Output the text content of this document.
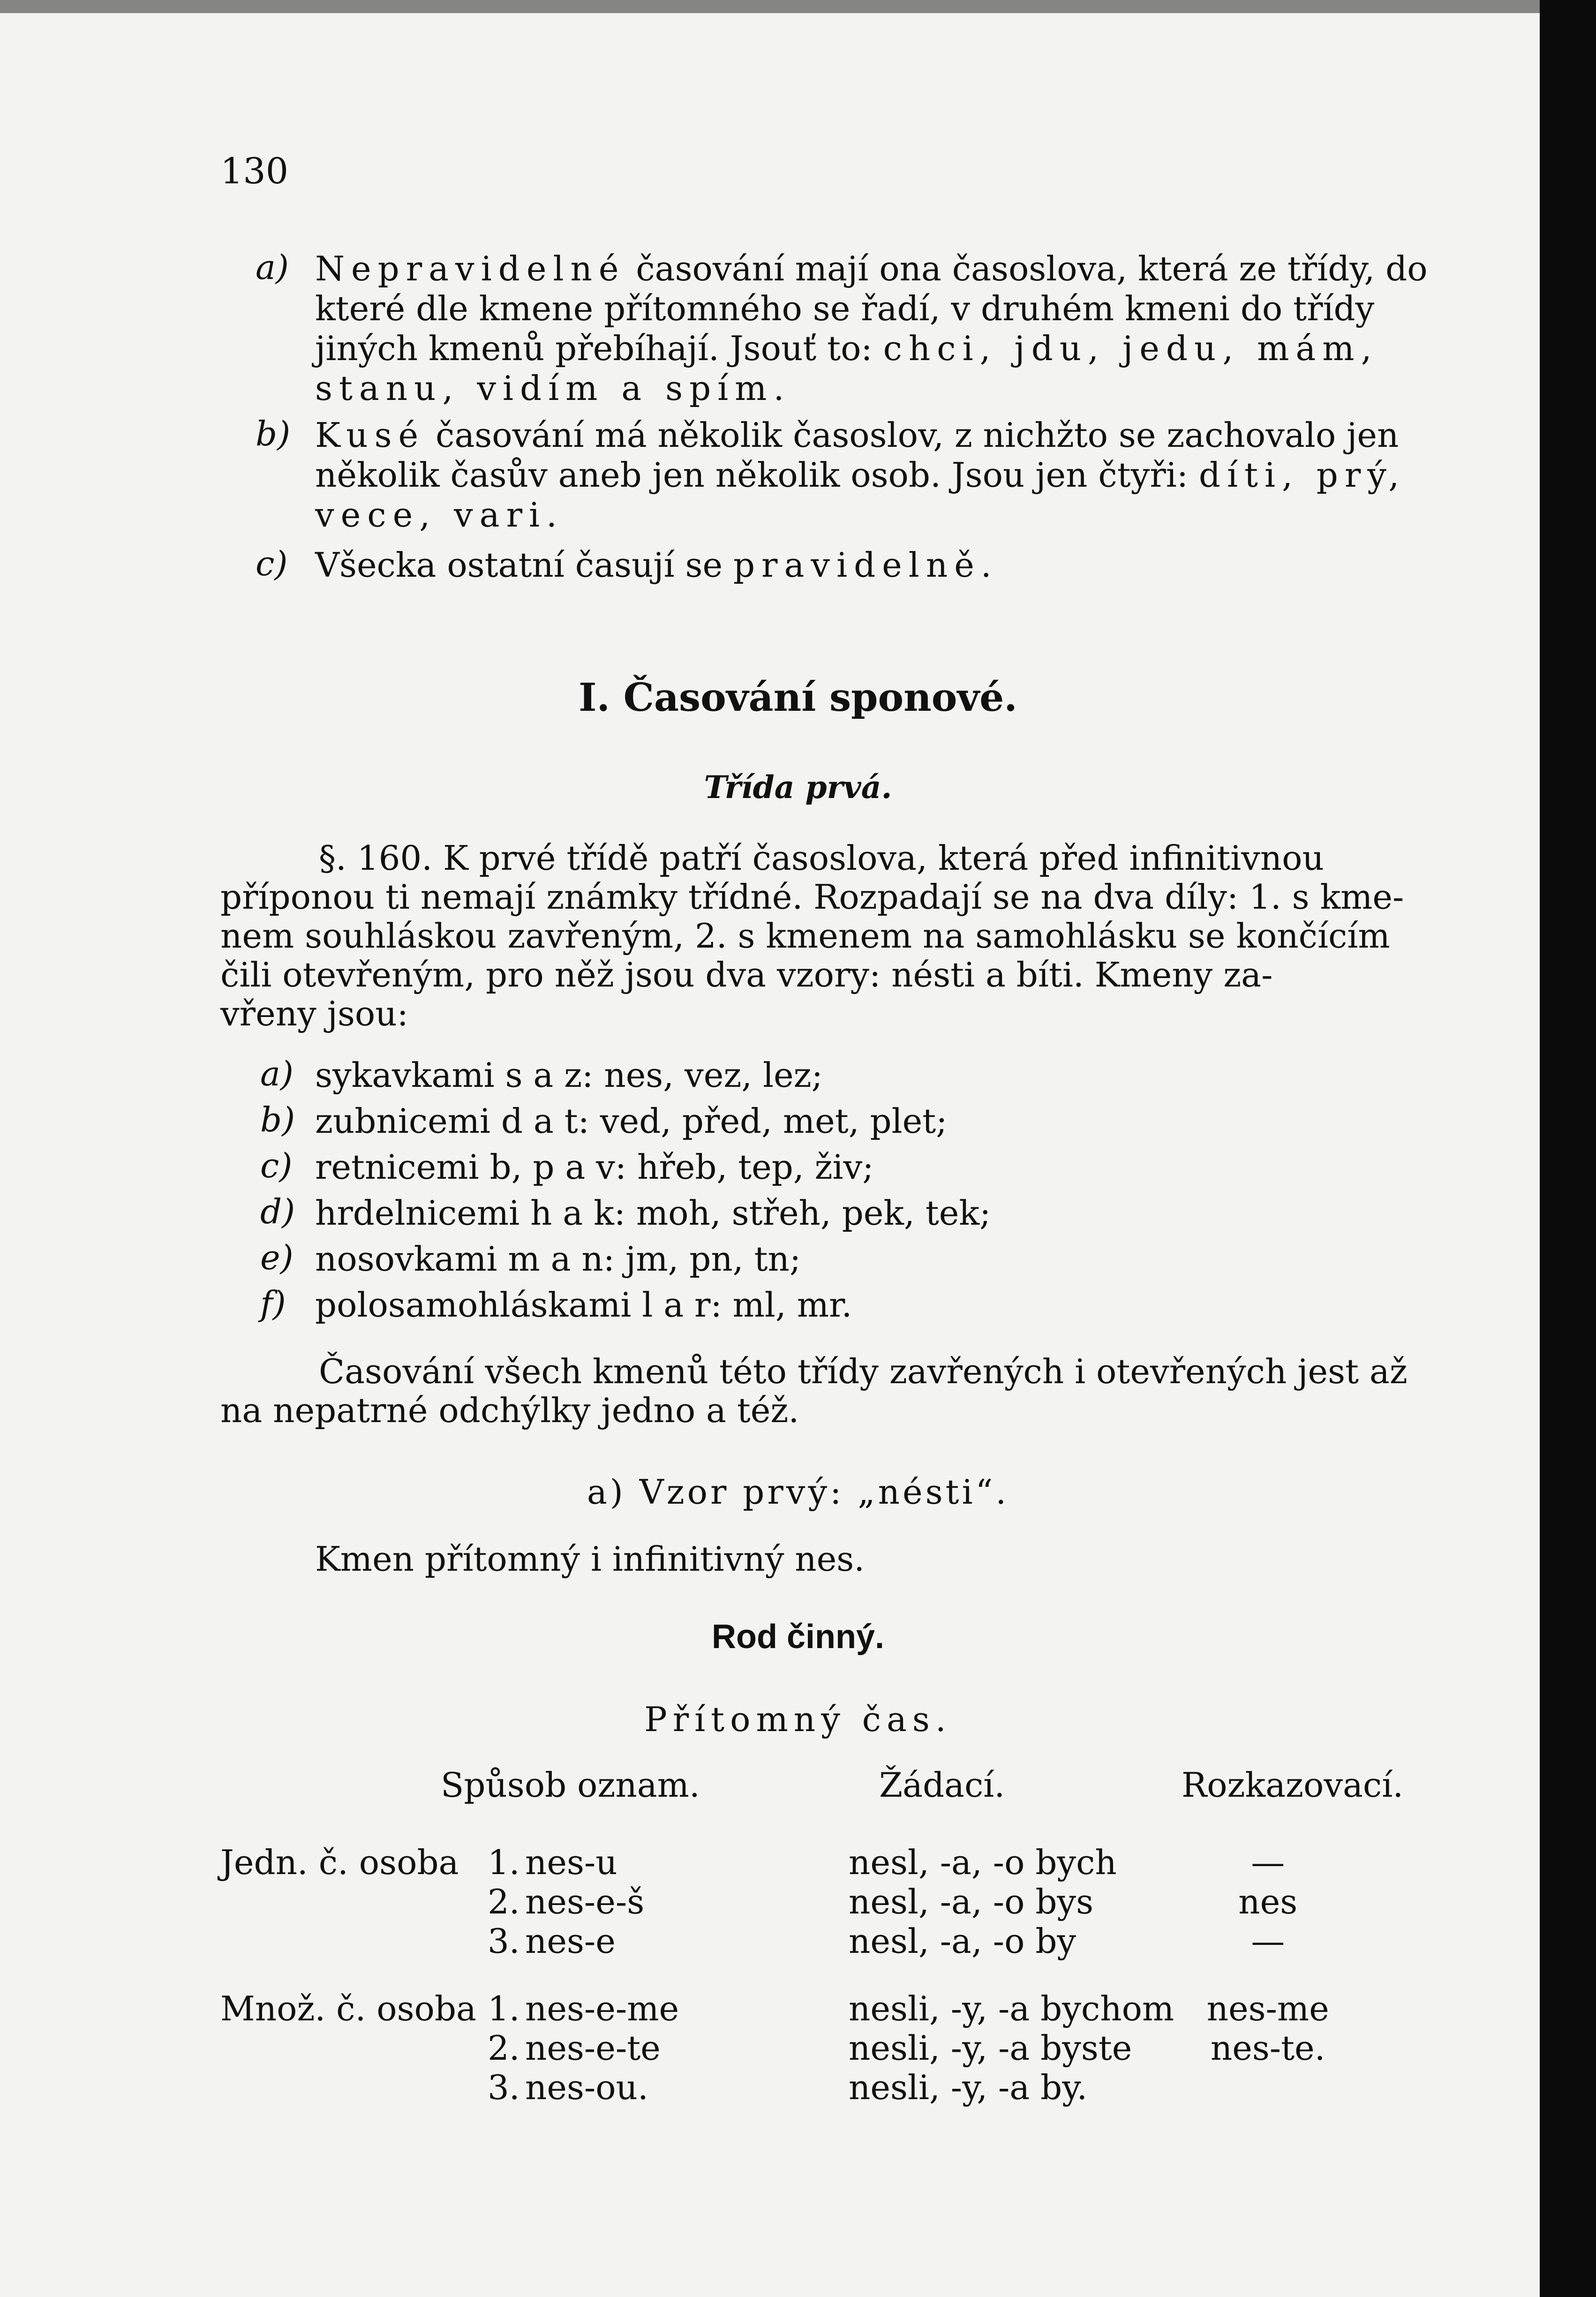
130
a) Nepravidelné časování mají ona časoslova, která ze třídy, do
které dle kmene přítomného se řadí, v druhém kmeni do třídy
jiných kmenů přebíhají. Jsouť to: chci, jdu, jedu, mám,
stanu, vidím a spím.
b) Kusé časování má několik časoslov, z nichžto se zachovalo jen
několik časův aneb jen několik osob. Jsou jen čtyři: díti, prý,
vece, vari.
c) Všecka ostatní časují se pravidelně.
I. Časování sponové.
Třída prvá.
§. 160. K prvé třídě patří časoslova, která před infinitivnou
příponou ti nemají známky třídné. Rozpadají se na dva díly: 1. s kme-
nem souhláskou zavřeným, 2. s kmenem na samohlásku se končícím
čili otevřeným, pro něž jsou dva vzory: nésti a bíti. Kmeny za-
vřeny jsou:
a) sykavkami s a z: nes, vez, lez;
b) zubnicemi d a t: ved, před, met, plet;
c) retnicemi b, p a v: hřeb, tep, živ;
d) hrdelnicemi h a k: moh, střeh, pek, tek;
e) nosovkami m a n: jm, pn, tn;
f) polosamohláskami l a r: ml, mr.
Časování všech kmenů této třídy zavřených i otevřených jest až
na nepatrné odchýlky jedno a též.
a) Vzor prvý: „nésti“.
Kmen přítomný i infinitivný nes.
Rod činný.
Přítomný čas.
Spůsob oznam.	Žádací.	Rozkazovací.
Jedn. č. osoba	1.	nes-u	nesl, -a, -o bych	—
	2.	nes-e-š	nesl, -a, -o bys	nes
	3.	nes-e	nesl, -a, -o by	—

Množ. č. osoba	1.	nes-e-me	nesli, -y, -a bychom	nes-me
	2.	nes-e-te	nesli, -y, -a byste	nes-te.
	3.	nes-ou.	nesli, -y, -a by.	
